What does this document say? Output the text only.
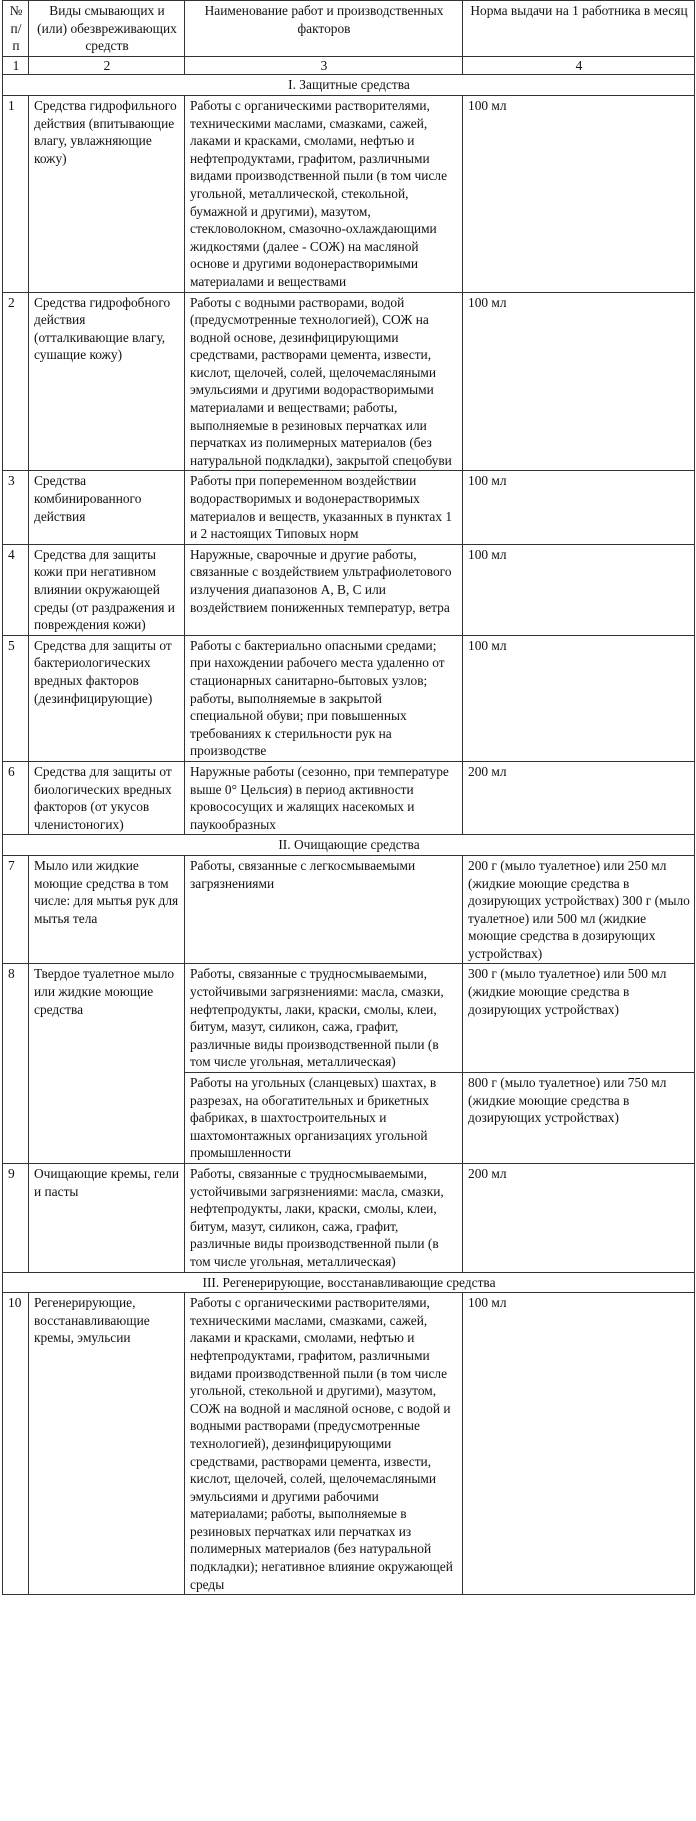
№ п/п	Виды смывающих и (или) обезвреживающих средств	Наименование работ и производственных факторов	Норма выдачи на 1 работника в месяц
1	2	3	4
I. Защитные средства			
1	Средства гидрофильного действия (впитывающие влагу, увлажняющие кожу)	Работы с органическими растворителями, техническими маслами, смазками, сажей, лаками и красками, смолами, нефтью и нефтепродуктами, графитом, различными видами производственной пыли (в том числе угольной, металлической, стекольной, бумажной и другими), мазутом, стекловолокном, смазочно-охлаждающими жидкостями (далее - СОЖ) на масляной основе и другими водонерастворимыми материалами и веществами	100 мл
2	Средства гидрофобного действия (отталкивающие влагу, сушащие кожу)	Работы с водными растворами, водой (предусмотренные технологией), СОЖ на водной основе, дезинфицирующими средствами, растворами цемента, извести, кислот, щелочей, солей, щелочемасляными эмульсиями и другими водорастворимыми материалами и веществами; работы, выполняемые в резиновых перчатках или перчатках из полимерных материалов (без натуральной подкладки), закрытой спецобуви	100 мл
3	Средства комбинированного действия	Работы при попеременном воздействии водорастворимых и водонерастворимых материалов и веществ, указанных в пунктах 1 и 2 настоящих Типовых норм	100 мл
4	Средства для защиты кожи при негативном влиянии окружающей среды (от раздражения и повреждения кожи)	Наружные, сварочные и другие работы, связанные с воздействием ультрафиолетового излучения диапазонов А, В, С или воздействием пониженных температур, ветра	100 мл
5	Средства для защиты от бактериологических вредных факторов (дезинфицирующие)	Работы с бактериально опасными средами; при нахождении рабочего места удаленно от стационарных санитарно-бытовых узлов; работы, выполняемые в закрытой специальной обуви; при повышенных требованиях к стерильности рук на производстве	100 мл
6	Средства для защиты от биологических вредных факторов (от укусов членистоногих)	Наружные работы (сезонно, при температуре выше 0° Цельсия) в период активности кровососущих и жалящих насекомых и паукообразных	200 мл
II. Очищающие средства			
7	Мыло или жидкие моющие средства в том числе: для мытья рук для мытья тела	Работы, связанные с легкосмываемыми загрязнениями	200 г (мыло туалетное) или 250 мл (жидкие моющие средства в дозирующих устройствах) 300 г (мыло туалетное) или 500 мл (жидкие моющие средства в дозирующих устройствах)
8	Твердое туалетное мыло или жидкие моющие средства	Работы, связанные с трудносмываемыми, устойчивыми загрязнениями: масла, смазки, нефтепродукты, лаки, краски, смолы, клеи, битум, мазут, силикон, сажа, графит, различные виды производственной пыли (в том числе угольная, металлическая)	300 г (мыло туалетное) или 500 мл (жидкие моющие средства в дозирующих устройствах)
		Работы на угольных (сланцевых) шахтах, в разрезах, на обогатительных и брикетных фабриках, в шахтостроительных и шахтомонтажных организациях угольной промышленности	800 г (мыло туалетное) или 750 мл (жидкие моющие средства в дозирующих устройствах)
9	Очищающие кремы, гели и пасты	Работы, связанные с трудносмываемыми, устойчивыми загрязнениями: масла, смазки, нефтепродукты, лаки, краски, смолы, клеи, битум, мазут, силикон, сажа, графит, различные виды производственной пыли (в том числе угольная, металлическая)	200 мл
III. Регенерирующие, восстанавливающие средства			
10	Регенерирующие, восстанавливающие кремы, эмульсии	Работы с органическими растворителями, техническими маслами, смазками, сажей, лаками и красками, смолами, нефтью и нефтепродуктами, графитом, различными видами производственной пыли (в том числе угольной, стекольной и другими), мазутом, СОЖ на водной и масляной основе, с водой и водными растворами (предусмотренные технологией), дезинфицирующими средствами, растворами цемента, извести, кислот, щелочей, солей, щелочемасляными эмульсиями и другими рабочими материалами; работы, выполняемые в резиновых перчатках или перчатках из полимерных материалов (без натуральной подкладки); негативное влияние окружающей среды	100 мл
